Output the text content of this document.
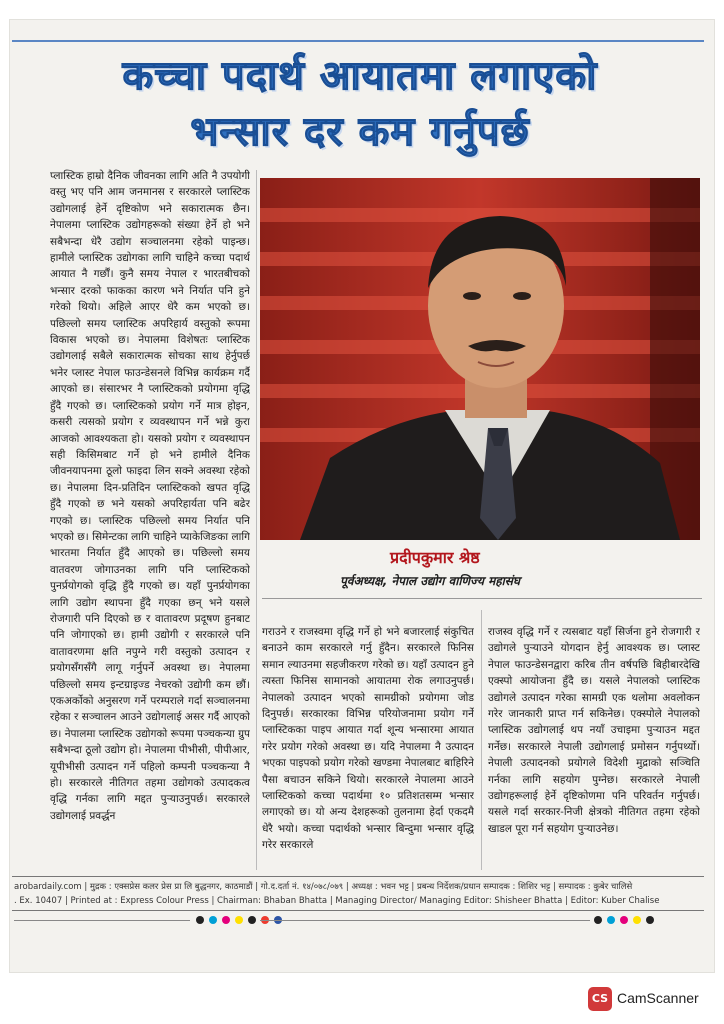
कच्चा पदार्थ आयातमा लगाएको
भन्सार दर कम गर्नुपर्छ
प्लास्टिक हाम्रो दैनिक जीवनका लागि अति नै उपयोगी वस्तु भए पनि आम जनमानस र सरकारले प्लास्टिक उद्योगलाई हेर्ने दृष्टिकोण भने सकारात्मक छैन। नेपालमा प्लास्टिक उद्योगहरूको संख्या हेर्ने हो भने सबैभन्दा धेरै उद्योग सञ्चालनमा रहेको पाइन्छ। हामीले प्लास्टिक उद्योगका लागि चाहिने कच्चा पदार्थ आयात नै गर्छौं। कुनै समय नेपाल र भारतबीचको भन्सार दरको फाकका कारण भने निर्यात पनि हुने गरेको थियो। अहिले आएर धेरै कम भएको छ। पछिल्लो समय प्लास्टिक अपरिहार्य वस्तुको रूपमा विकास भएको छ। नेपालमा विशेषतः प्लास्टिक उद्योगलाई सबैले सकारात्मक सोचका साथ हेर्नुपर्छ भनेर प्लास्ट नेपाल फाउन्डेसनले विभिन्न कार्यक्रम गर्दै आएको छ। संसारभर नै प्लास्टिकको प्रयोगमा वृद्धि हुँदै गएको छ। प्लास्टिकको प्रयोग गर्ने मात्र होइन, कसरी त्यसको प्रयोग र व्यवस्थापन गर्ने भन्ने कुरा आजको आवश्यकता हो। यसको प्रयोग र व्यवस्थापन सही किसिमबाट गर्ने हो भने हामीले दैनिक जीवनयापनमा ठूलो फाइदा लिन सक्ने अवस्था रहेको छ। नेपालमा दिन-प्रतिदिन प्लास्टिकको खपत वृद्धि हुँदै गएको छ भने यसको अपरिहार्यता पनि बढेर गएको छ। प्लास्टिक पछिल्लो समय निर्यात पनि भएको छ। सिमेन्टका लागि चाहिने प्याकेजिङका लागि भारतमा निर्यात हुँदै आएको छ। पछिल्लो समय वातवरण जोगाउनका लागि पनि प्लास्टिकको पुनर्प्रयोगको वृद्धि हुँदै गएको छ। यहाँ पुनर्प्रयोगका लागि उद्योग स्थापना हुँदै गएका छन् भने यसले रोजगारी पनि दिएको छ र वातावरण प्रदूषण हुनबाट पनि जोगाएको छ। हामी उद्योगी र सरकारले पनि वातावरणमा क्षति नपुग्ने गरी वस्तुको उत्पादन र प्रयोगसँगसँगै लागू गर्नुपर्ने अवस्था छ। नेपालमा पछिल्लो समय इन्टग्राइज्ड नेचरको उद्योगी कम छौं। एकअर्कोको अनुसरण गर्ने परम्पराले गर्दा सञ्चालनमा रहेका र सञ्चालन आउने उद्योगलाई असर गर्दै आएको छ। नेपालमा प्लास्टिक उद्योगको रूपमा पञ्चकन्या ग्रुप सबैभन्दा ठूलो उद्योग हो। नेपालमा पीभीसी, पीपीआर, यूपीभीसी उत्पादन गर्ने पहिलो कम्पनी पञ्चकन्या नै हो। सरकारले नीतिगत तहमा उद्योगको उत्पादकत्व वृद्धि गर्नका लागि मद्दत पुऱ्याउनुपर्छ। सरकारले उद्योगलाई प्रवर्द्धन
प्रदीपकुमार श्रेष्ठ
पूर्वअध्यक्ष, नेपाल उद्योग वाणिज्य महासंघ
गराउने र राजस्वमा वृद्धि गर्ने हो भने बजारलाई संकुचित बनाउने काम सरकारले गर्नु हुँदैन। सरकारले फिनिस समान ल्याउनमा सहजीकरण गरेको छ। यहाँ उत्पादन हुने त्यस्ता फिनिस सामानको आयातमा रोक लगाउनुपर्छ। नेपालको उत्पादन भएको सामग्रीको प्रयोगमा जोड दिनुपर्छ। सरकारका विभिन्न परियोजनामा प्रयोग गर्ने प्लास्टिकका पाइप आयात गर्दा शून्य भन्सारमा आयात गरेर प्रयोग गरेको अवस्था छ। यदि नेपालमा नै उत्पादन भएका पाइपको प्रयोग गरेको खण्डमा नेपालबाट बाहिरिने पैसा बचाउन सकिने थियो। सरकारले नेपालमा आउने प्लास्टिकको कच्चा पदार्थमा १० प्रतिशतसम्म भन्सार लगाएको छ। यो अन्य देशहरूको तुलनामा हेर्दा एकदमै धेरै भयो। कच्चा पदार्थको भन्सार बिन्दुमा भन्सार वृद्धि गरेर सरकारले
राजस्व वृद्धि गर्ने र त्यसबाट यहाँ सिर्जना हुने रोजगारी र उद्योगले पुऱ्याउने योगदान हेर्नु आवश्यक छ। प्लास्ट नेपाल फाउन्डेसनद्वारा करिब तीन वर्षपछि बिहीबारदेखि एक्स्पो आयोजना हुँदै छ। यसले नेपालको प्लास्टिक उद्योगले उत्पादन गरेका सामग्री एक थलोमा अवलोकन गरेर जानकारी प्राप्त गर्न सकिनेछ। एक्स्पोले नेपालको प्लास्टिक उद्योगलाई थप नयाँ उचाइमा पुऱ्याउन मद्दत गर्नेछ। सरकारले नेपाली उद्योगलाई प्रमोसन गर्नुपर्थ्यो। नेपाली उत्पादनको प्रयोगले विदेशी मुद्राको सञ्चिति गर्नका लागि सहयोग पुग्नेछ। सरकारले नेपाली उद्योगहरूलाई हेर्ने दृष्टिकोणमा पनि परिवर्तन गर्नुपर्छ। यसले गर्दा सरकार-निजी क्षेत्रको नीतिगत तहमा रहेको खाडल पूरा गर्न सहयोग पुऱ्याउनेछ।
arobardaily.com | मुद्रक : एक्सप्रेस कलर प्रेस प्रा लि बुद्धनगर, काठमाडौं | गो.द.दर्ता नं. १४/०७८/०७९ | अध्यक्ष : भवन भट्ट | प्रबन्ध निर्देशक/प्रधान सम्पादक : शिशिर भट्ट | सम्पादक : कुबेर चालिसे
. Ex. 10407 | Printed at : Express Colour Press | Chairman: Bhaban Bhatta | Managing Director/ Managing Editor: Shisheer Bhatta | Editor: Kuber Chalise
CS CamScanner
